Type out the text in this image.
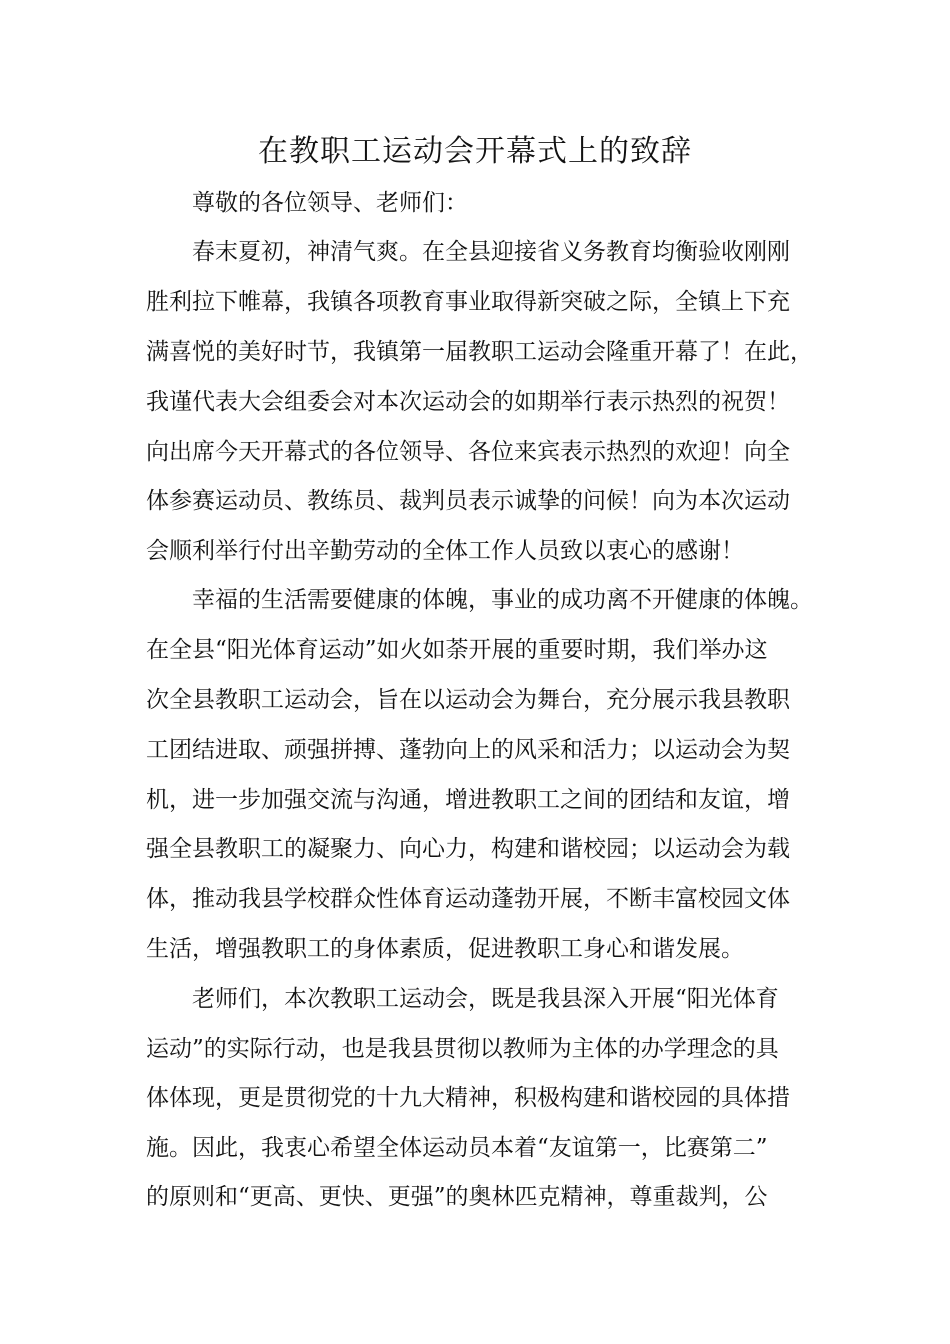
在教职工运动会开幕式上的致辞

尊敬的各位领导、老师们：

春末夏初，神清气爽。在全县迎接省义务教育均衡验收刚刚

胜利拉下帷幕，我镇各项教育事业取得新突破之际，全镇上下充

满喜悦的美好时节，我镇第一届教职工运动会隆重开幕了！在此，

我谨代表大会组委会对本次运动会的如期举行表示热烈的祝贺！

向出席今天开幕式的各位领导、各位来宾表示热烈的欢迎！向全

体参赛运动员、教练员、裁判员表示诚挚的问候！向为本次运动

会顺利举行付出辛勤劳动的全体工作人员致以衷心的感谢！

幸福的生活需要健康的体魄，事业的成功离不开健康的体魄。

在全县“阳光体育运动”如火如荼开展的重要时期，我们举办这

次全县教职工运动会，旨在以运动会为舞台，充分展示我县教职

工团结进取、顽强拼搏、蓬勃向上的风采和活力；以运动会为契

机，进一步加强交流与沟通，增进教职工之间的团结和友谊，增

强全县教职工的凝聚力、向心力，构建和谐校园；以运动会为载

体，推动我县学校群众性体育运动蓬勃开展，不断丰富校园文体

生活，增强教职工的身体素质，促进教职工身心和谐发展。

老师们，本次教职工运动会，既是我县深入开展“阳光体育

运动”的实际行动，也是我县贯彻以教师为主体的办学理念的具

体体现，更是贯彻党的十九大精神，积极构建和谐校园的具体措

施。因此，我衷心希望全体运动员本着“友谊第一，比赛第二”

的原则和“更高、更快、更强”的奥林匹克精神，尊重裁判，公
